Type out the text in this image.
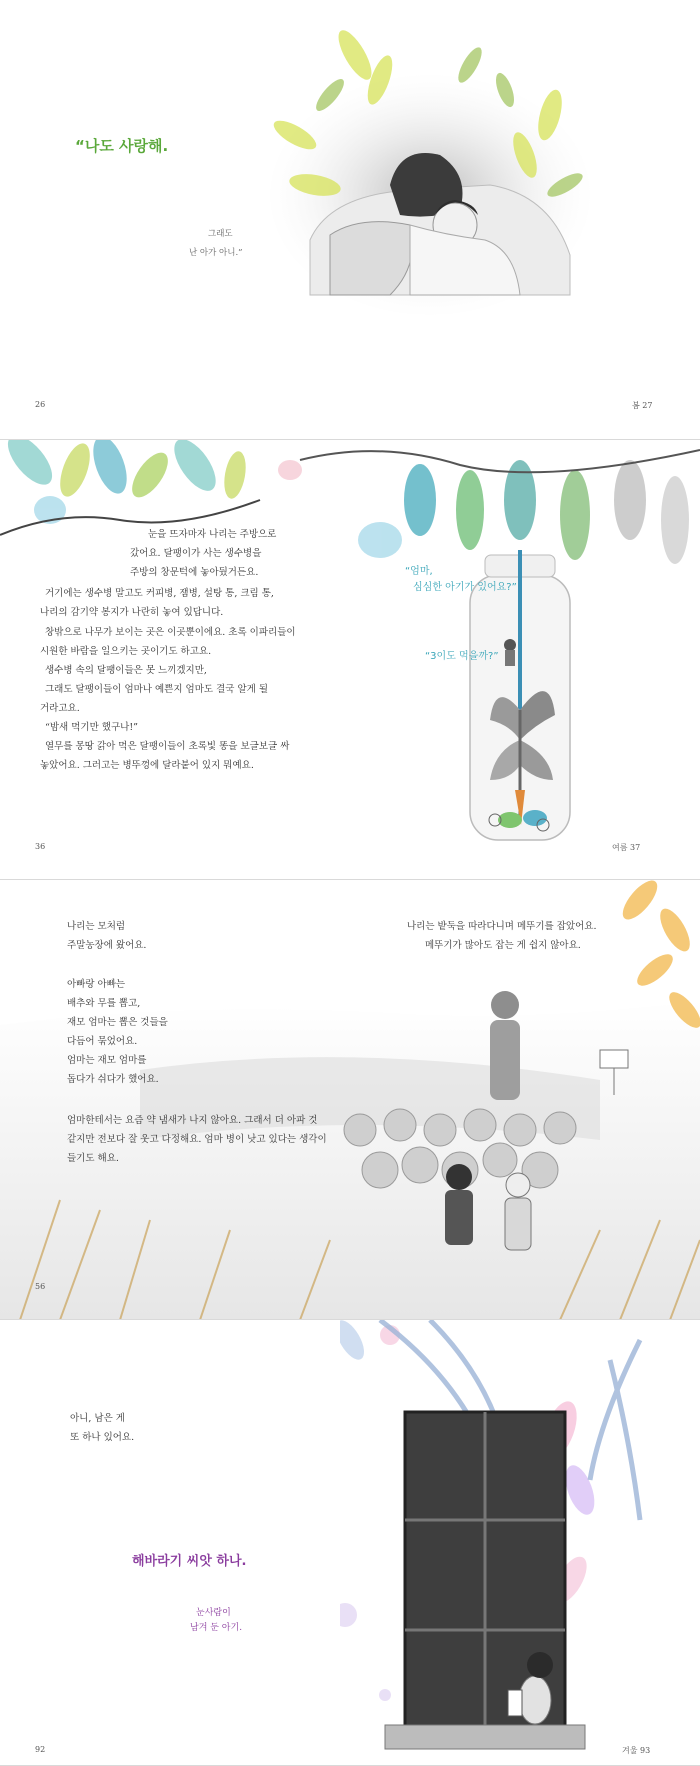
“나도 사랑해.
그래도
난 아가 아니.”
26	봄 27
눈을 뜨자마자 나리는 주방으로
갔어요. 달팽이가 사는 생수병을
주방의 창문턱에 놓아뒀거든요.
거기에는 생수병 말고도 커피병, 잼병, 설탕 통, 크림 통,
나리의 감기약 봉지가 나란히 놓여 있답니다.
창밖으로 나무가 보이는 곳은 이곳뿐이에요. 초록 이파리들이
시원한 바람을 일으키는 곳이기도 하고요.
생수병 속의 달팽이들은 못 느끼겠지만,
그래도 달팽이들이 엄마나 예쁜지 엄마도 결국 알게 될
거라고요.
“밤새 먹기만 했구나!”
열무를 몽땅 갉아 먹은 달팽이들이 초록빛 똥을 보글보글 싸
놓았어요. 그러고는 병뚜껑에 달라붙어 있지 뭐예요.
“엄마,
심심한 아기가 있어요?”
“3이도 먹을까?”
36	여름 37
나리는 모처럼
주말농장에 왔어요.
아빠랑 아빠는
배추와 무를 뽑고,
재모 엄마는 뽑은 것들을
다듬어 묶었어요.
엄마는 재모 엄마를
돕다가 쉬다가 했어요.
엄마한테서는 요즘 약 냄새가 나지 않아요. 그래서 더 아파 것
같지만 전보다 잘 웃고 다정해요. 엄마 병이 낫고 있다는 생각이
들기도 해요.
나리는 밭둑을 따라다니며 메뚜기를 잡았어요.
메뚜기가 많아도 잡는 게 쉽지 않아요.
56
아니, 남은 게
또 하나 있어요.
해바라기 씨앗 하나.
눈사람이
남겨 둔 아기.
92	겨울 93
